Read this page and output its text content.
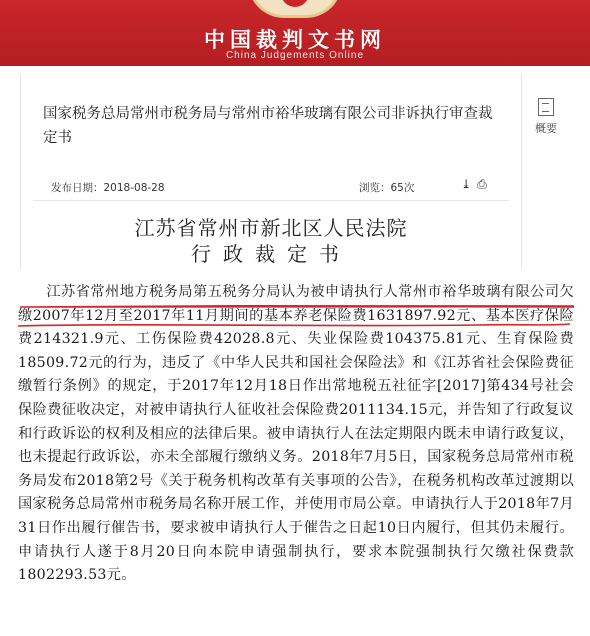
中国裁判文书网
China Judgements Online
国家税务总局常州市税务局与常州市裕华玻璃有限公司非诉执行审查裁定书
发布日期：2018-08-28	浏览：65次	⤓ ⎙
江苏省常州市新北区人民法院
行政裁定书
概要

江苏省常州地方税务局第五税务分局认为被申请执行人常州市裕华玻璃有限公司欠缴2007年12月至2017年11月期间的基本养老保险费1631897.92元、基本医疗保险费214321.9元、工伤保险费42028.8元、失业保险费104375.81元、生育保险费18509.72元的行为，违反了《中华人民共和国社会保险法》和《江苏省社会保险费征缴暂行条例》的规定，于2017年12月18日作出常地税五社征字[2017]第434号社会保险费征收决定，对被申请执行人征收社会保险费2011134.15元，并告知了行政复议和行政诉讼的权利及相应的法律后果。被申请执行人在法定期限内既未申请行政复议，也未提起行政诉讼，亦未全部履行缴纳义务。2018年7月5日，国家税务总局常州市税务局发布2018第2号《关于税务机构改革有关事项的公告》，在税务机构改革过渡期以国家税务总局常州市税务局名称开展工作，并使用市局公章。申请执行人于2018年7月31日作出履行催告书，要求被申请执行人于催告之日起10日内履行，但其仍未履行。申请执行人遂于8月20日向本院申请强制执行，要求本院强制执行欠缴社保费款1802293.53元。
